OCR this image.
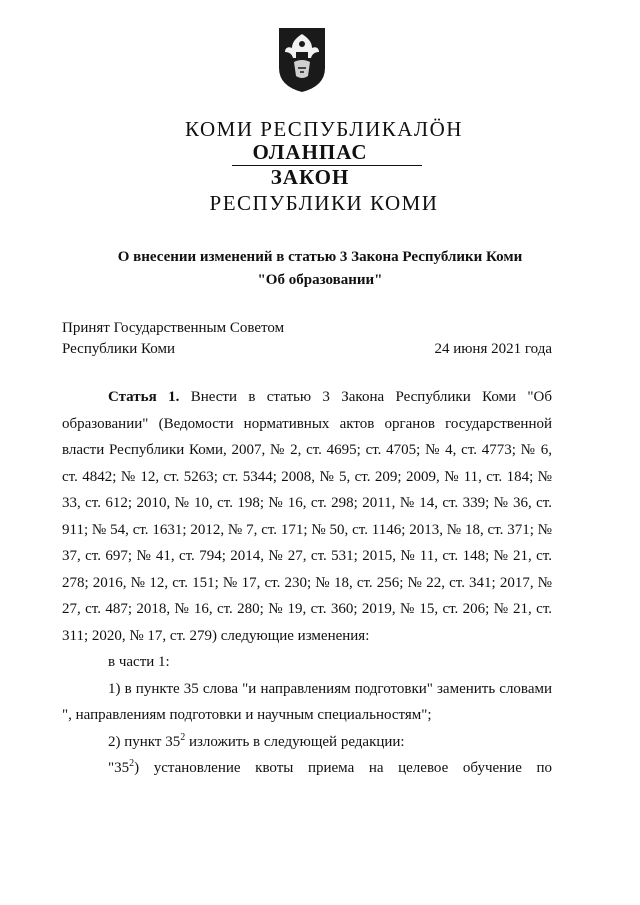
КОМИ РЕСПУБЛИКАЛÖН
ОЛАНПАС
ЗАКОН
РЕСПУБЛИКИ КОМИ
О внесении изменений в статью 3 Закона Республики Коми
"Об образовании"
Принят Государственным Советом
Республики Коми	24 июня 2021 года

Статья 1. Внести в статью 3 Закона Республики Коми "Об образовании" (Ведомости нормативных актов органов государственной власти Республики Коми, 2007, № 2, ст. 4695; ст. 4705; № 4, ст. 4773; № 6, ст. 4842; № 12, ст. 5263; ст. 5344; 2008, № 5, ст. 209; 2009, № 11, ст. 184; № 33, ст. 612; 2010, № 10, ст. 198; № 16, ст. 298; 2011, № 14, ст. 339; № 36, ст. 911; № 54, ст. 1631; 2012, № 7, ст. 171; № 50, ст. 1146; 2013, № 18, ст. 371; № 37, ст. 697; № 41, ст. 794; 2014, № 27, ст. 531; 2015, № 11, ст. 148; № 21, ст. 278; 2016, № 12, ст. 151; № 17, ст. 230; № 18, ст. 256; № 22, ст. 341; 2017, № 27, ст. 487; 2018, № 16, ст. 280; № 19, ст. 360; 2019, № 15, ст. 206; № 21, ст. 311; 2020, № 17, ст. 279) следующие изменения:

в части 1:

1) в пункте 35 слова "и направлениям подготовки" заменить словами ", направлениям подготовки и научным специальностям";

2) пункт $35^2$ изложить в следующей редакции:

"$35^2$) установление квоты приема на целевое обучение по
